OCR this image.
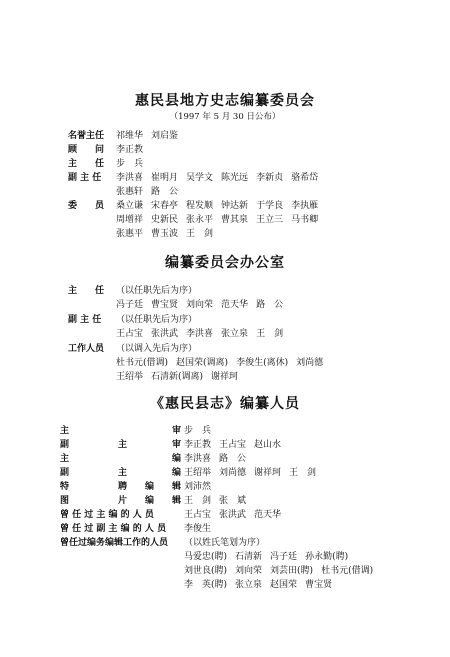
惠民县地方史志编纂委员会
（1997 年 5 月 30 日公布）
名誉主任 祁维华 刘启鉴
顾　　问 李正教
主　　任 步　兵
副 主 任 李洪喜 崔明月 吴学文 陈光远 李新贞 骆希岱
张惠轩 路　公
委　　员 桑立谦 宋春亭 程发顺 钟达新 于学良 李执雁
周增祥 史新民 张永平 曹其泉 王立三 马书卿
张惠平 曹玉波 王　剑
编纂委员会办公室
主　　任 （以任职先后为序）
冯子廷 曹宝贤 刘向荣 范天华 路　公
副 主 任 （以任职先后为序）
王占宝 张洪武 李洪喜 张立泉 王　剑
工作人员 （以调入先后为序）
杜书元(借调) 赵国荣(调离) 李俊生(离休) 刘尚德
王绍举 石清新(调离) 谢祥珂
《惠民县志》编纂人员
主	审 步　兵
副	主	审 李正教 王占宝 赵山水
主	编 李洪喜 路　公
副	主	编 王绍举 刘尚德 谢祥珂 王　剑
特	聘　　编 辑 刘沛然
图	片　　编 辑 王　剑 张　斌
曾 任 过 主 编 的 人 员	王占宝 张洪武 范天华
曾 任 过 副 主 编 的 人 员 李俊生
曾任过编务编辑工作的人员 （以姓氏笔划为序）
马爱忠(聘) 石清新 冯子廷 孙永勤(聘)
刘世良(聘) 刘向荣 刘芸田(聘) 杜书元(借调)
李　英(聘) 张立泉 赵国荣 曹宝贤
